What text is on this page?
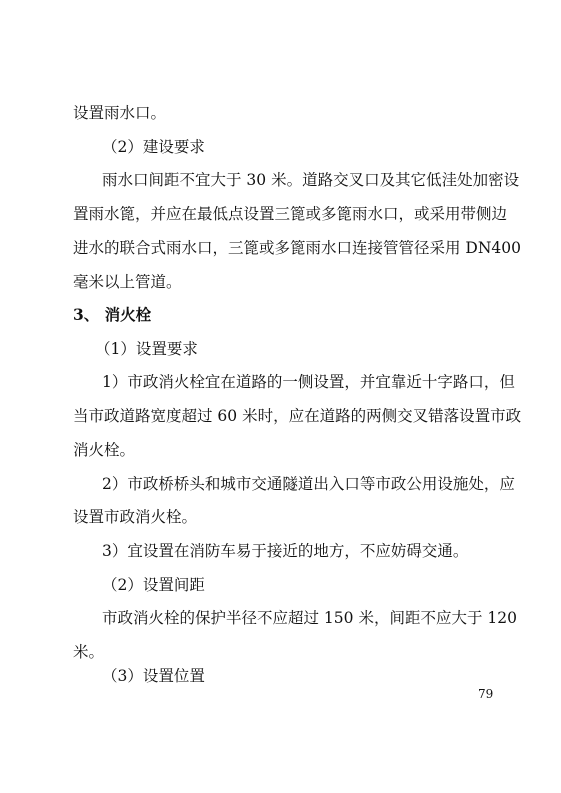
设置雨水口。
（2）建设要求
雨水口间距不宜大于 30 米。道路交叉口及其它低洼处加密设
置雨水篦，并应在最低点设置三篦或多篦雨水口，或采用带侧边
进水的联合式雨水口，三篦或多篦雨水口连接管管径采用 DN400
毫米以上管道。
3、 消火栓
（1）设置要求
1）市政消火栓宜在道路的一侧设置，并宜靠近十字路口，但
当市政道路宽度超过 60 米时，应在道路的两侧交叉错落设置市政
消火栓。
2）市政桥桥头和城市交通隧道出入口等市政公用设施处，应
设置市政消火栓。
3）宜设置在消防车易于接近的地方，不应妨碍交通。
（2）设置间距
市政消火栓的保护半径不应超过 150 米，间距不应大于 120
米。
（3）设置位置
79
